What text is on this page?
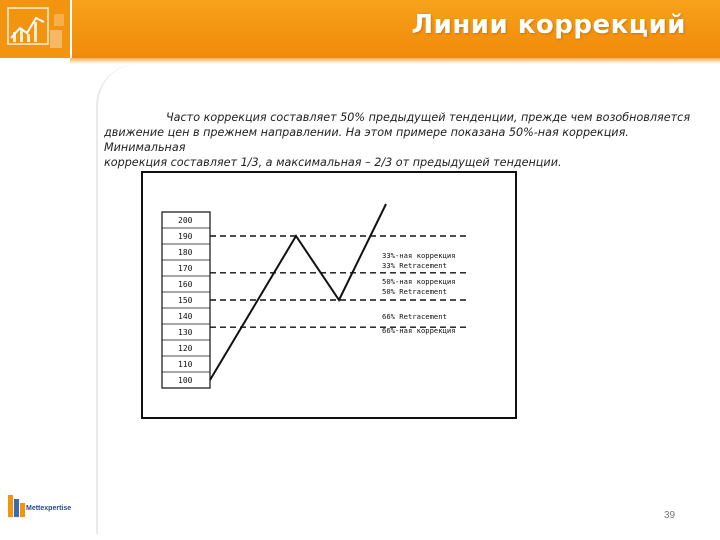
Линии коррекций
Часто коррекция составляет 50% предыдущей тенденции, прежде чем возобновляется
движение цен в прежнем направлении. На этом примере показана 50%-ная коррекция. Минимальная
коррекция составляет 1/3, а максимальная – 2/3 от предыдущей тенденции.
200
190
180
170
160
150
140
130
120
110
100
33%-ная коррекция
33% Retracement
50%-ная коррекция
50% Retracement
66% Retracement
66%-ная коррекция
39
Mettexpertise
